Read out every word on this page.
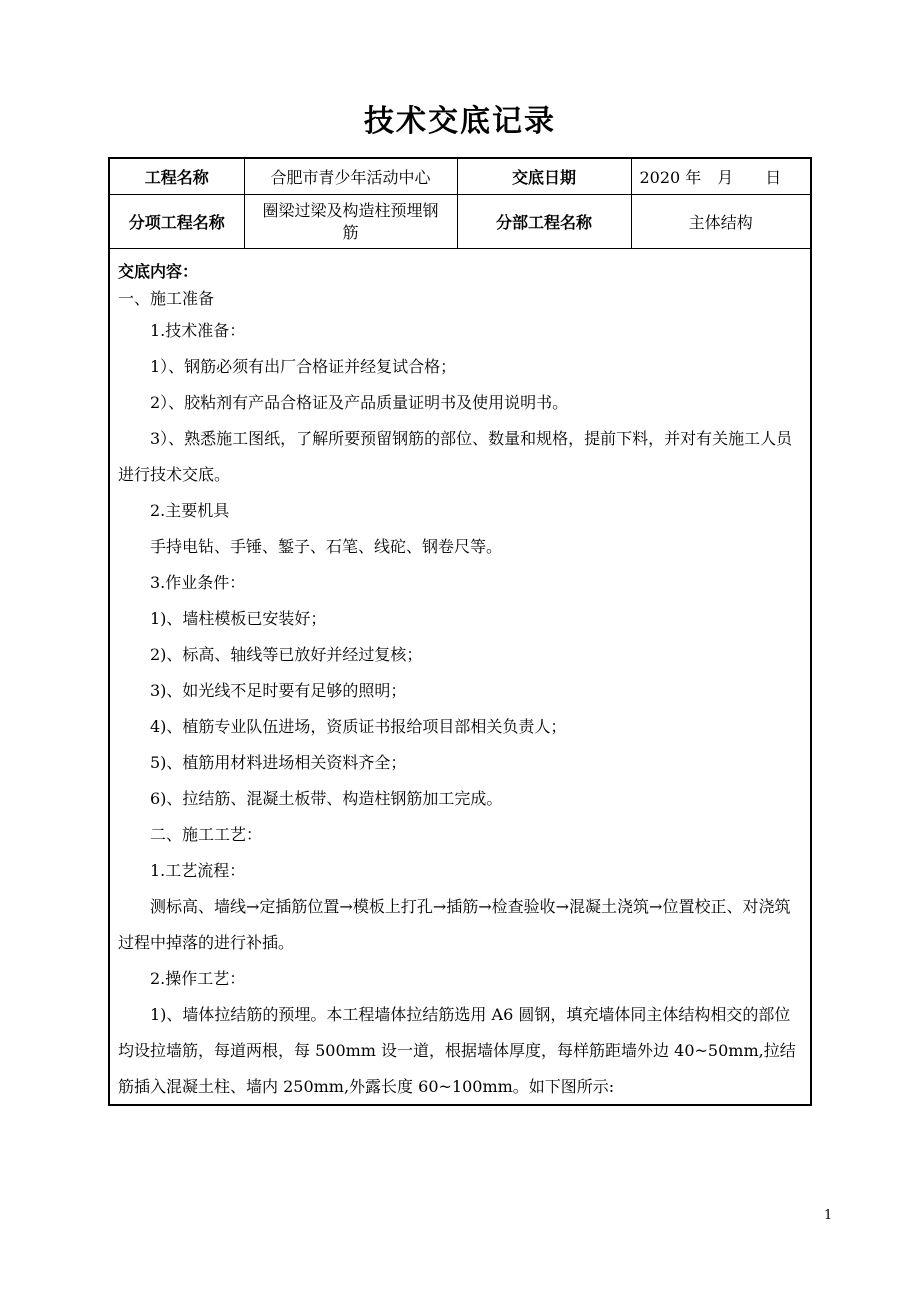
技术交底记录
工程名称	合肥市青少年活动中心	交底日期	2020 年　月　　日
分项工程名称	圈梁过梁及构造柱预埋钢筋	分部工程名称	主体结构
交底内容：

一、施工准备

1.技术准备：

1）、钢筋必须有出厂合格证并经复试合格；

2）、胶粘剂有产品合格证及产品质量证明书及使用说明书。

3）、熟悉施工图纸，了解所要预留钢筋的部位、数量和规格，提前下料，并对有关施工人员进行技术交底。

2.主要机具

手持电钻、手锤、錾子、石笔、线砣、钢卷尺等。

3.作业条件：

1)、墙柱模板已安装好；

2)、标高、轴线等已放好并经过复核；

3)、如光线不足时要有足够的照明；

4)、植筋专业队伍进场，资质证书报给项目部相关负责人；

5)、植筋用材料进场相关资料齐全；

6)、拉结筋、混凝土板带、构造柱钢筋加工完成。

二、施工工艺：

1.工艺流程：

测标高、墙线→定插筋位置→模板上打孔→插筋→检查验收→混凝土浇筑→位置校正、对浇筑过程中掉落的进行补插。

2.操作工艺：

1)、墙体拉结筋的预埋。本工程墙体拉结筋选用 A6 圆钢，填充墙体同主体结构相交的部位均设拉墙筋，每道两根，每 500mm 设一道，根据墙体厚度，每样筋距墙外边 40~50mm,拉结筋插入混凝土柱、墙内 250mm,外露长度 60~100mm。如下图所示:

1
